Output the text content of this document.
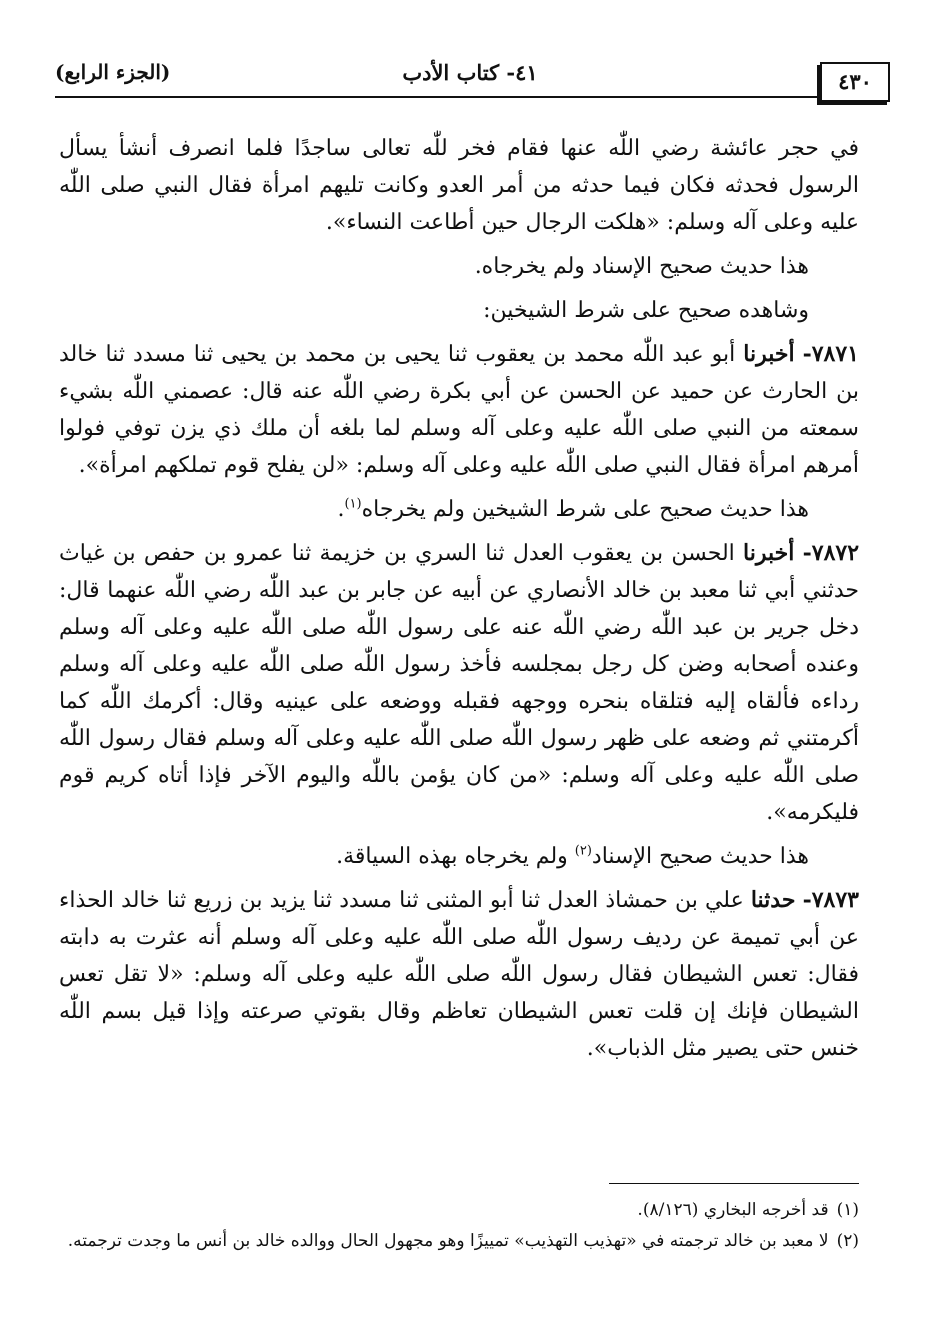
٤٣٠
٤١- كتاب الأدب
(الجزء الرابع)

في حجر عائشة رضي اللّٰه عنها فقام فخر للّٰه تعالى ساجدًا فلما انصرف أنشأ يسأل الرسول فحدثه فكان فيما حدثه من أمر العدو وكانت تليهم امرأة فقال النبي صلى اللّٰه عليه وعلى آله وسلم: «هلكت الرجال حين أطاعت النساء».

هذا حديث صحيح الإسناد ولم يخرجاه.

وشاهده صحيح على شرط الشيخين:

٧٨٧١- أخبرنا أبو عبد اللّٰه محمد بن يعقوب ثنا يحيى بن محمد بن يحيى ثنا مسدد ثنا خالد بن الحارث عن حميد عن الحسن عن أبي بكرة رضي اللّٰه عنه قال: عصمني اللّٰه بشيء سمعته من النبي صلى اللّٰه عليه وعلى آله وسلم لما بلغه أن ملك ذي يزن توفي فولوا أمرهم امرأة فقال النبي صلى اللّٰه عليه وعلى آله وسلم: «لن يفلح قوم تملكهم امرأة».

هذا حديث صحيح على شرط الشيخين ولم يخرجاه$^{(١)}$.

٧٨٧٢- أخبرنا الحسن بن يعقوب العدل ثنا السري بن خزيمة ثنا عمرو بن حفص بن غياث حدثني أبي ثنا معبد بن خالد الأنصاري عن أبيه عن جابر بن عبد اللّٰه رضي اللّٰه عنهما قال: دخل جرير بن عبد اللّٰه رضي اللّٰه عنه على رسول اللّٰه صلى اللّٰه عليه وعلى آله وسلم وعنده أصحابه وضن كل رجل بمجلسه فأخذ رسول اللّٰه صلى اللّٰه عليه وعلى آله وسلم رداءه فألقاه إليه فتلقاه بنحره ووجهه فقبله ووضعه على عينيه وقال: أكرمك اللّٰه كما أكرمتني ثم وضعه على ظهر رسول اللّٰه صلى اللّٰه عليه وعلى آله وسلم فقال رسول اللّٰه صلى اللّٰه عليه وعلى آله وسلم: «من كان يؤمن باللّٰه واليوم الآخر فإذا أتاه كريم قوم فليكرمه».

هذا حديث صحيح الإسناد$^{(٢)}$ ولم يخرجاه بهذه السياقة.

٧٨٧٣- حدثنا علي بن حمشاذ العدل ثنا أبو المثنى ثنا مسدد ثنا يزيد بن زريع ثنا خالد الحذاء عن أبي تميمة عن رديف رسول اللّٰه صلى اللّٰه عليه وعلى آله وسلم أنه عثرت به دابته فقال: تعس الشيطان فقال رسول اللّٰه صلى اللّٰه عليه وعلى آله وسلم: «لا تقل تعس الشيطان فإنك إن قلت تعس الشيطان تعاظم وقال بقوتي صرعته وإذا قيل بسم اللّٰه خنس حتى يصير مثل الذباب».

(١)قد أخرجه البخاري (٨/١٢٦).

(٢)لا معبد بن خالد ترجمته في «تهذيب التهذيب» تمييزًا وهو مجهول الحال ووالده خالد بن أنس ما وجدت ترجمته.
